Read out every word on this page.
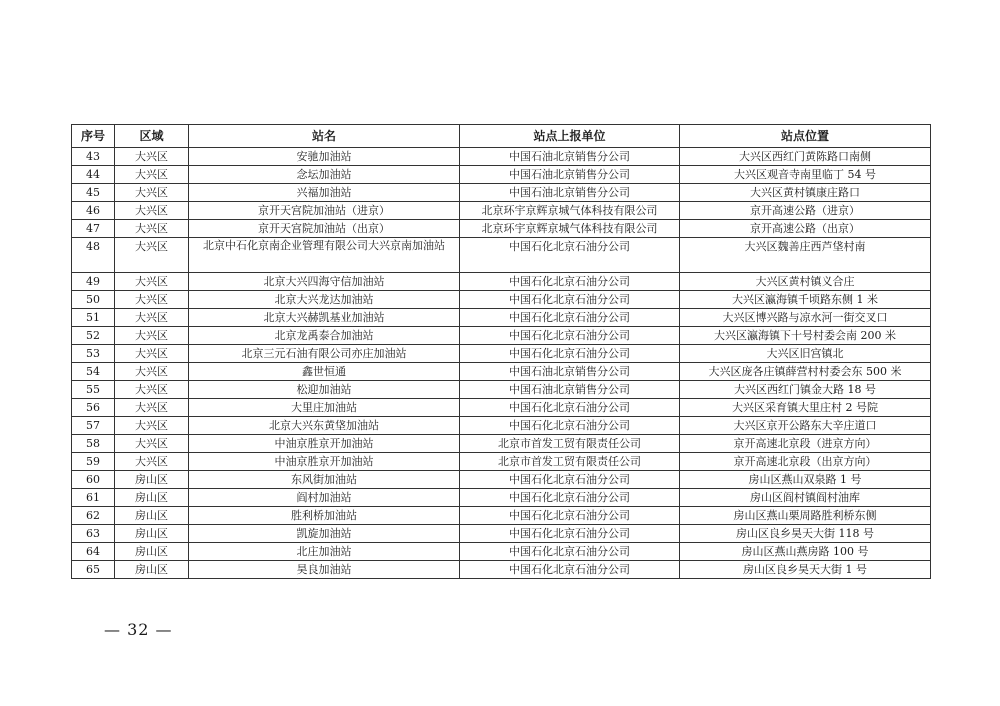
序号	区域	站名	站点上报单位	站点位置
43	大兴区	安驰加油站	中国石油北京销售分公司	大兴区西红门黄陈路口南侧
44	大兴区	念坛加油站	中国石油北京销售分公司	大兴区观音寺南里临丁 54 号
45	大兴区	兴福加油站	中国石油北京销售分公司	大兴区黄村镇康庄路口
46	大兴区	京开天宫院加油站（进京）	北京环宇京辉京城气体科技有限公司	京开高速公路（进京）
47	大兴区	京开天宫院加油站（出京）	北京环宇京辉京城气体科技有限公司	京开高速公路（出京）
48	大兴区	北京中石化京南企业管理有限公司大兴京南加油站	中国石化北京石油分公司	大兴区魏善庄西芦垡村南
49	大兴区	北京大兴四海守信加油站	中国石化北京石油分公司	大兴区黄村镇义合庄
50	大兴区	北京大兴龙达加油站	中国石化北京石油分公司	大兴区瀛海镇千顷路东侧 1 米
51	大兴区	北京大兴赫凯基业加油站	中国石化北京石油分公司	大兴区博兴路与凉水河一街交叉口
52	大兴区	北京龙禹泰合加油站	中国石化北京石油分公司	大兴区瀛海镇下十号村委会南 200 米
53	大兴区	北京三元石油有限公司亦庄加油站	中国石化北京石油分公司	大兴区旧宫镇北
54	大兴区	鑫世恒通	中国石油北京销售分公司	大兴区庞各庄镇薛营村村委会东 500 米
55	大兴区	松迎加油站	中国石油北京销售分公司	大兴区西红门镇金大路 18 号
56	大兴区	大里庄加油站	中国石化北京石油分公司	大兴区采育镇大里庄村 2 号院
57	大兴区	北京大兴东黄垡加油站	中国石化北京石油分公司	大兴区京开公路东大辛庄道口
58	大兴区	中油京胜京开加油站	北京市首发工贸有限责任公司	京开高速北京段（进京方向）
59	大兴区	中油京胜京开加油站	北京市首发工贸有限责任公司	京开高速北京段（出京方向）
60	房山区	东风街加油站	中国石化北京石油分公司	房山区燕山双泉路 1 号
61	房山区	阎村加油站	中国石化北京石油分公司	房山区阎村镇阎村油库
62	房山区	胜利桥加油站	中国石化北京石油分公司	房山区燕山栗周路胜利桥东侧
63	房山区	凯旋加油站	中国石化北京石油分公司	房山区良乡昊天大街 118 号
64	房山区	北庄加油站	中国石化北京石油分公司	房山区燕山燕房路 100 号
65	房山区	昊良加油站	中国石化北京石油分公司	房山区良乡昊天大街 1 号
— 32 —
